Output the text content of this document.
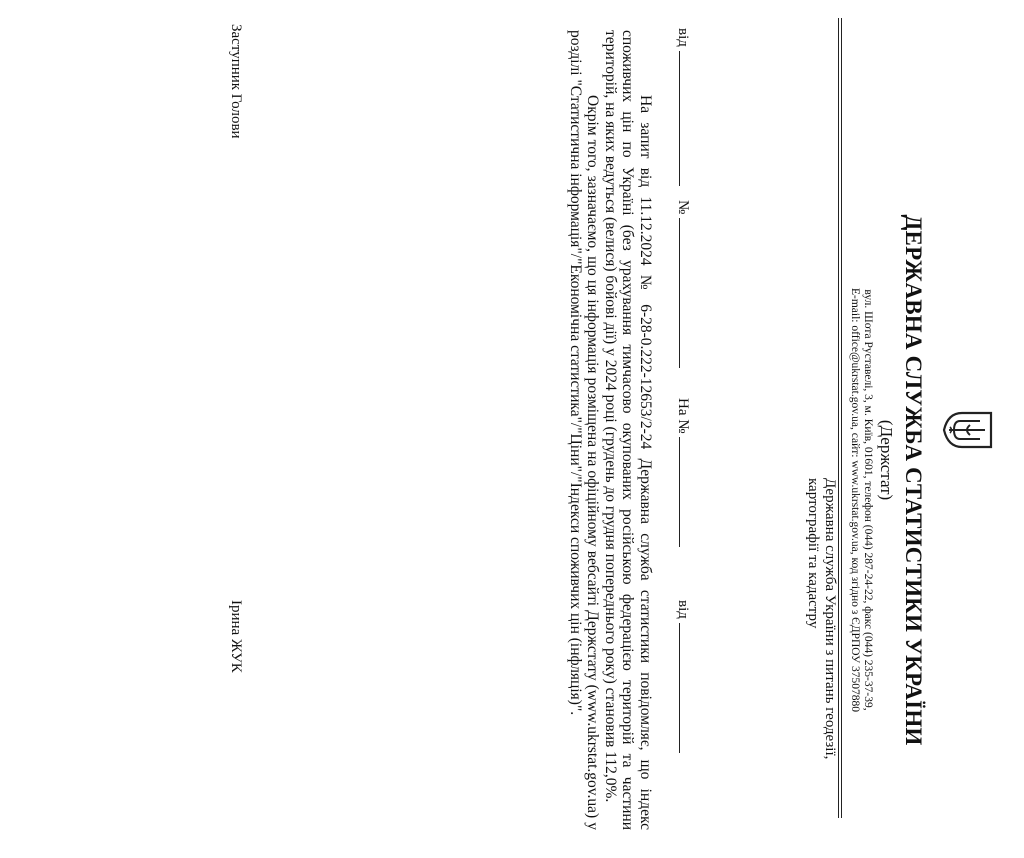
ДЕРЖАВНА СЛУЖБА СТАТИСТИКИ УКРАЇНИ
(Держстат)
вул. Шота Руставелі, 3, м. Київ, 01601, телефон (044) 287-24-22, факс (044) 235-37-39,
E-mail: office@ukrstat.gov.ua, сайт: www.ukrstat.gov.ua, код згідно з ЄДРПОУ 37507880
від
№
На №
від	Державна служба України з питань геодезії, картографії та кадастру

На запит від 11.12.2024 № 6-28-0.222-12653/2-24 Державна служба статистики повідомляє, що індекс споживчих цін по Україні (без урахування тимчасово окупованих російською федерацією територій та частини територій, на яких ведуться (велися) бойові дії) у 2024 році (грудень до грудня попереднього року) становив 112,0%.

Окрім того, зазначаємо, що ця інформація розміщена на офіційному вебсайті Держстату (www.ukrstat.gov.ua) у розділі "Статистична інформація"/"Економічна статистика"/"Ціни"/"Індекси споживчих цін (інфляція)".

Заступник Голови
Ірина ЖУК
